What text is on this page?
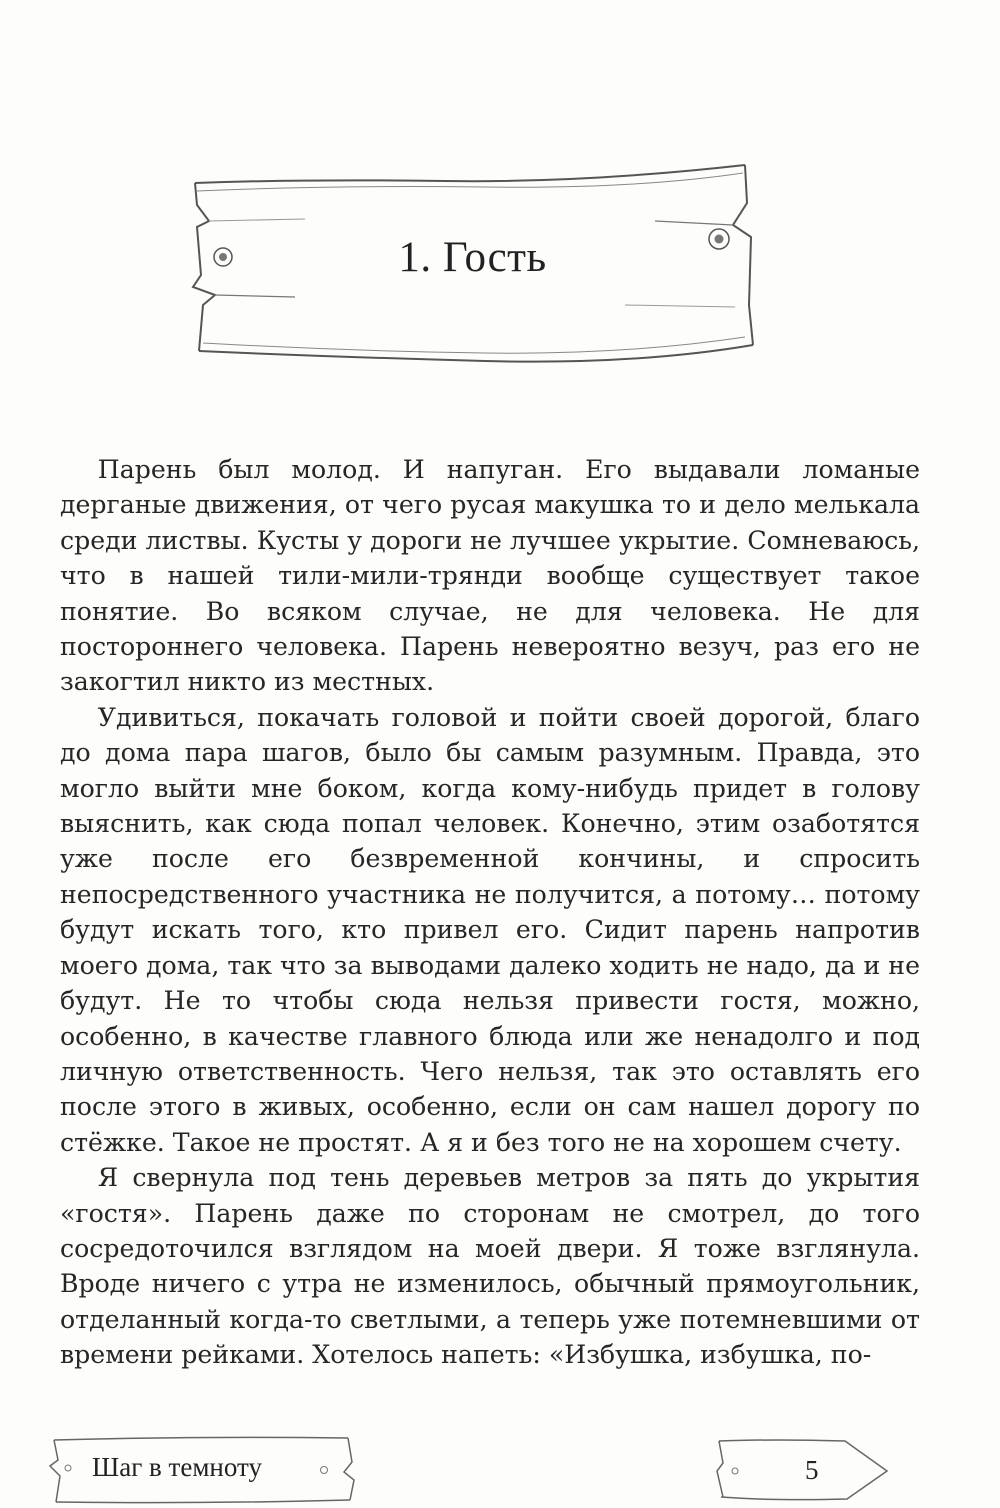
1. Гость

Парень был молод. И напуган. Его выдавали ломаные дерганые движения, от чего русая макушка то и дело мелькала среди листвы. Кусты у дороги не лучшее укрытие. Сомневаюсь, что в нашей тили-мили-трянди вообще существует такое понятие. Во всяком случае, не для человека. Не для постороннего человека. Парень невероятно везуч, раз его не закогтил никто из местных.

Удивиться, покачать головой и пойти своей дорогой, благо до дома пара шагов, было бы самым разумным. Правда, это могло выйти мне боком, когда кому-нибудь придет в голову выяснить, как сюда попал человек. Конечно, этим озаботятся уже после его безвременной кончины, и спросить непосредственного участника не получится, а потому… потому будут искать того, кто привел его. Сидит парень напротив моего дома, так что за выводами далеко ходить не надо, да и не будут. Не то чтобы сюда нельзя привести гостя, можно, особенно, в качестве главного блюда или же ненадолго и под личную ответственность. Чего нельзя, так это оставлять его после этого в живых, особенно, если он сам нашел дорогу по стёжке. Такое не простят. А я и без того не на хорошем счету.

Я свернула под тень деревьев метров за пять до укрытия «гостя». Парень даже по сторонам не смотрел, до того сосредоточился взглядом на моей двери. Я тоже взглянула. Вроде ничего с утра не изменилось, обычный прямоугольник, отделанный когда-то светлыми, а теперь уже потемневшими от времени рейками. Хотелось напеть: «Избушка, избушка, по-

Шаг в темноту	5
